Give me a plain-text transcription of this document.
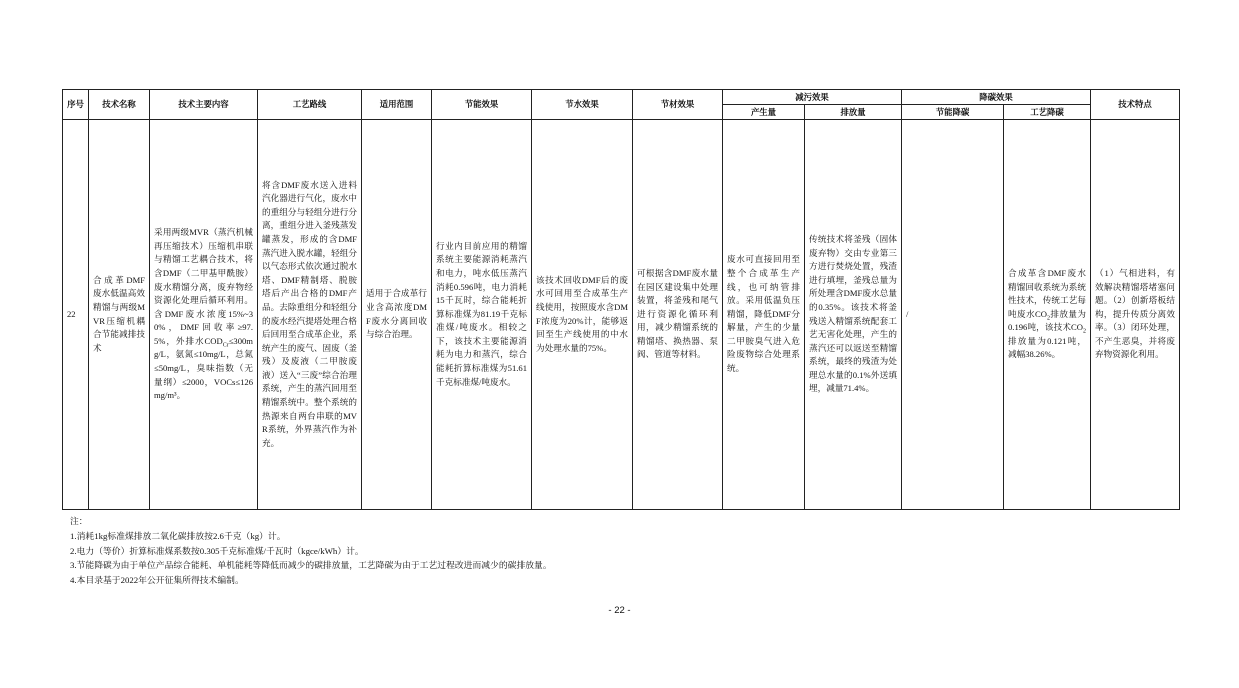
序号	技术名称	技术主要内容	工艺路线	适用范围	节能效果	节水效果	节材效果	减污效果		降碳效果		技术特点
								产生量	排放量	节能降碳	工艺降碳	
22	合成革DMF废水低温高效精馏与两级MVR压缩机耦合节能减排技术	采用两级MVR（蒸汽机械再压缩技术）压缩机串联与精馏工艺耦合技术，将含DMF（二甲基甲酰胺）废水精馏分离，废弃物经资源化处理后循环利用。含DMF废水浓度15%~30%，DMF回收率≥97.5%，外排水$COD_{Cr}\le 300mg/L$，氨氮≤10mg/L，总氮≤50mg/L，臭味指数（无量纲）≤2000，VOCs≤126 mg/m³。	将含DMF废水送入进料汽化器进行气化，废水中的重组分与轻组分进行分离，重组分进入釜残蒸发罐蒸发，形成的含DMF蒸汽进入脱水罐，轻组分以气态形式依次通过脱水塔、DMF精制塔、脱胺塔后产出合格的DMF产品。去除重组分和轻组分的废水经汽提塔处理合格后回用至合成革企业，系统产生的废气、固废（釜残）及废液（二甲胺废液）送入“三废”综合治理系统，产生的蒸汽回用至精馏系统中。整个系统的热源来自两台串联的MVR系统，外界蒸汽作为补充。	适用于合成革行业含高浓度DMF废水分离回收与综合治理。	行业内目前应用的精馏系统主要能源消耗蒸汽和电力，吨水低压蒸汽消耗0.596吨，电力消耗15千瓦时，综合能耗折算标准煤为81.19千克标准煤/吨废水。相较之下，该技术主要能源消耗为电力和蒸汽，综合能耗折算标准煤为51.61千克标准煤/吨废水。	该技术回收DMF后的废水可回用至合成革生产线使用，按照废水含DMF浓度为20%计，能够返回至生产线使用的中水为处理水量的75%。	可根据含DMF废水量在园区建设集中处理装置，将釜残和尾气进行资源化循环利用，减少精馏系统的精馏塔、换热器、泵阀、管道等材料。	废水可直接回用至整个合成革生产线，也可纳管排放。采用低温负压精馏，降低DMF分解量，产生的少量二甲胺臭气进入危险废物综合处理系统。	传统技术将釜残（固体废弃物）交由专业第三方进行焚烧处置，残渣进行填埋，釜残总量为所处理含DMF废水总量的0.35%。该技术将釜残送入精馏系统配套工艺无害化处理，产生的蒸汽还可以返送至精馏系统，最终的残渣为处理总水量的0.1%外送填埋，减量71.4%。	/	合成革含DMF废水精馏回收系统为系统性技术，传统工艺每吨废水$CO_2$排放量为0.196吨，该技术$CO_2$排放量为0.121吨，减幅38.26%。	（1）气相进料，有效解决精馏塔堵塞问题。（2）创新塔板结构，提升传质分离效率。（3）闭环处理，不产生恶臭，并将废弃物资源化利用。
注：
1.消耗1kg标准煤排放二氧化碳排放按2.6千克（kg）计。
2.电力（等价）折算标准煤系数按0.305千克标准煤/千瓦时（kgce/kWh）计。
3.节能降碳为由于单位产品综合能耗、单机能耗等降低而减少的碳排放量，工艺降碳为由于工艺过程改进而减少的碳排放量。
4.本目录基于2022年公开征集所得技术编制。
- 22 -
